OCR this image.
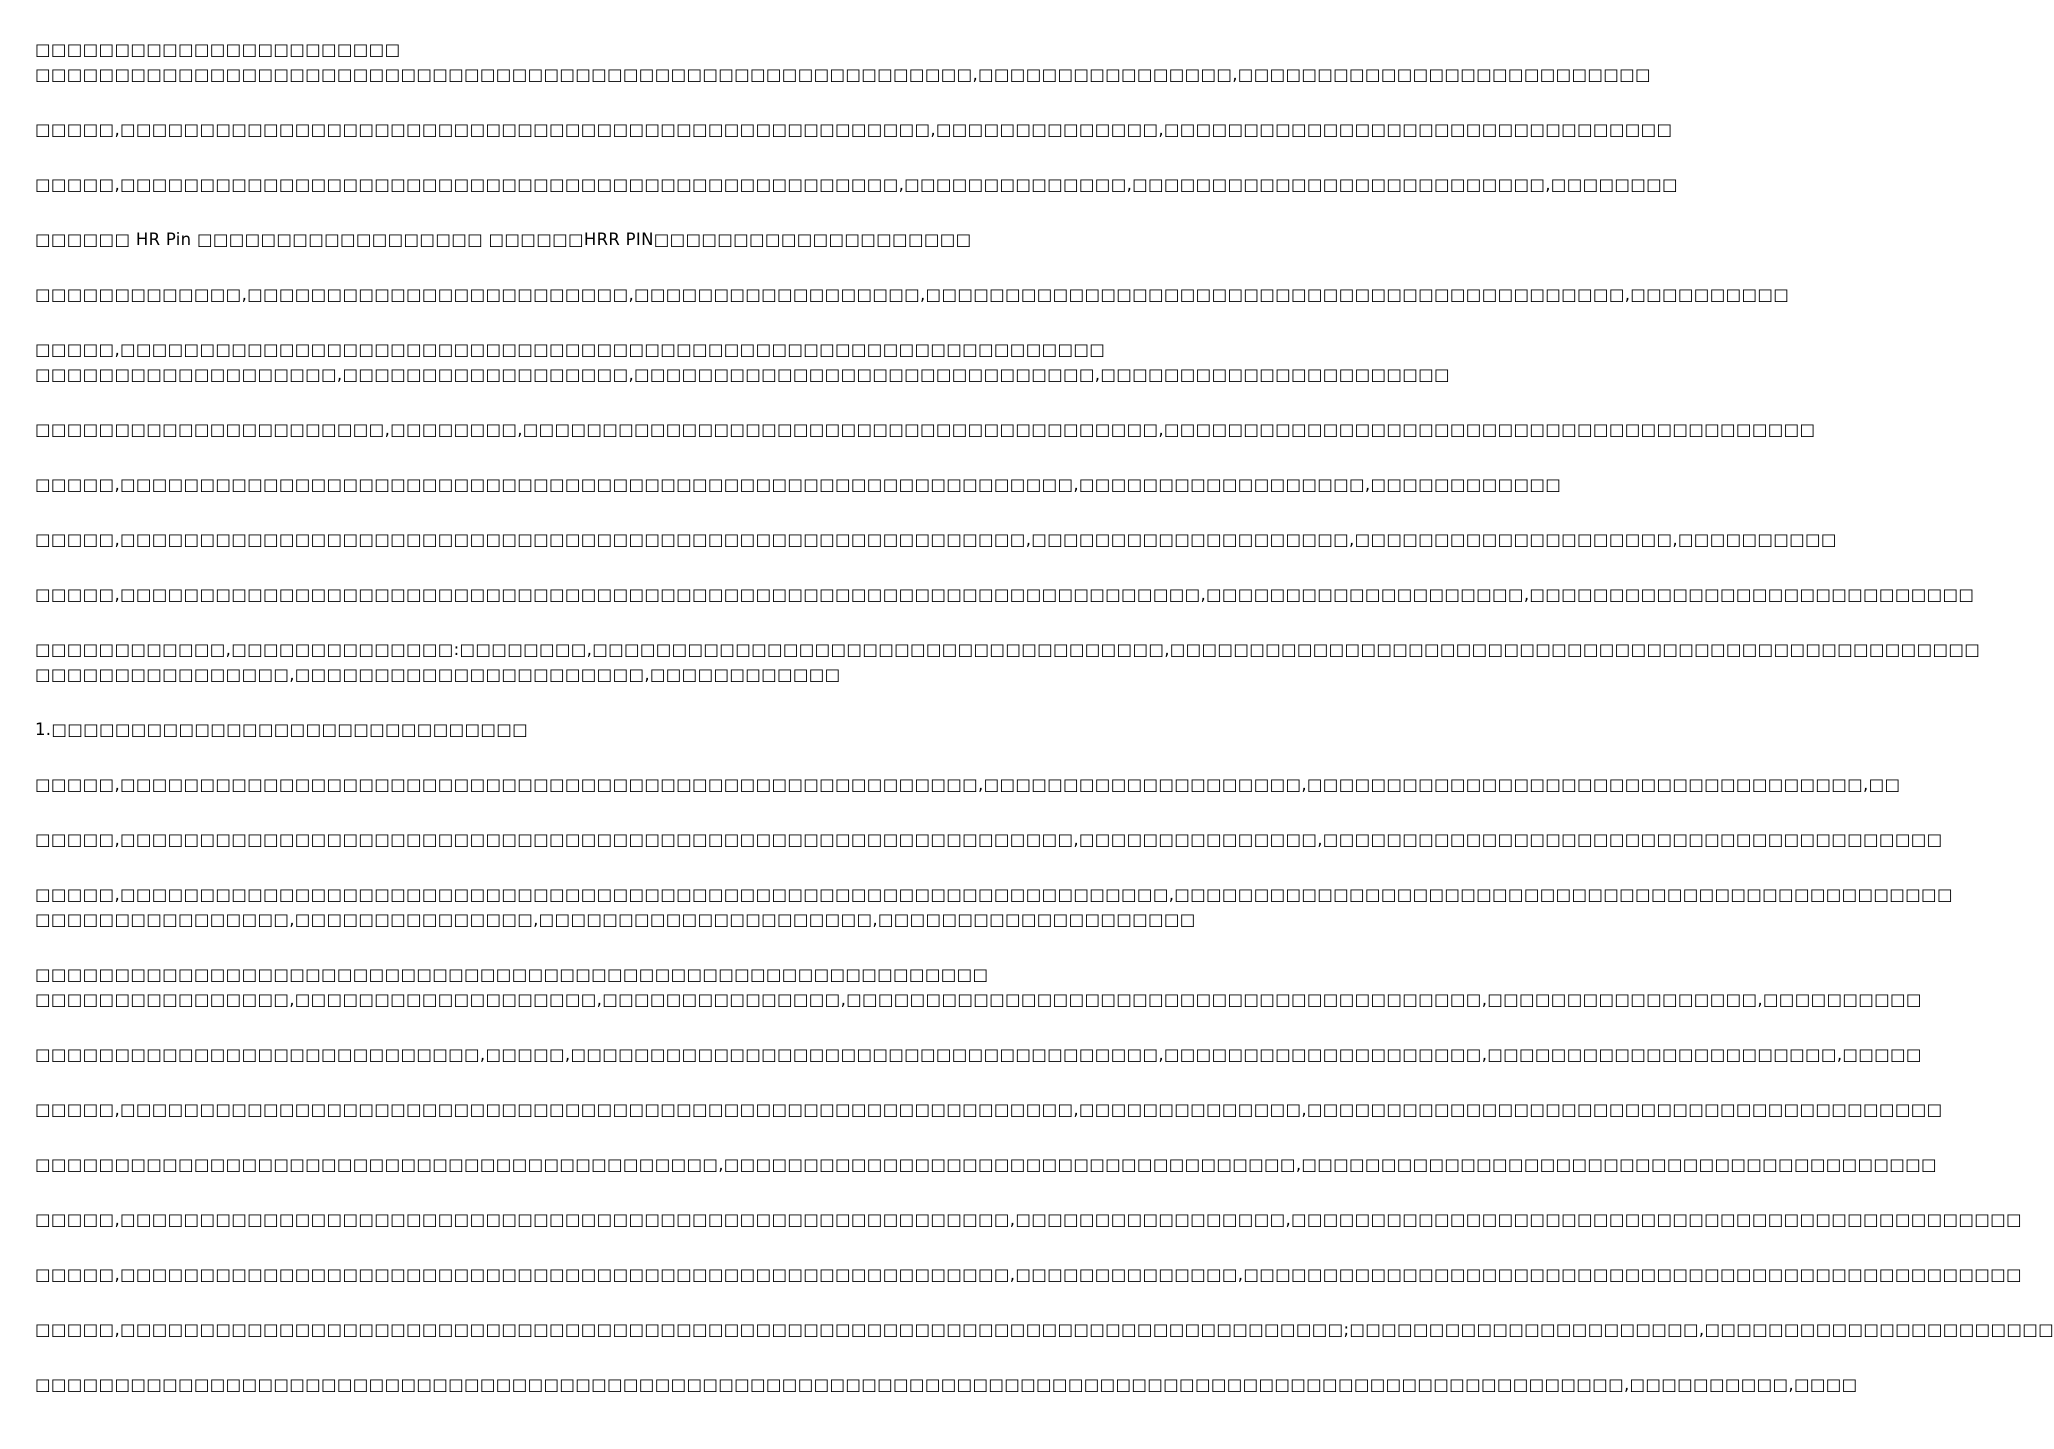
□□□□□□□□□□□□□□□□□□□□□□□
□□□□□□□□□□□□□□□□□□□□□□□□□□□□□□□□□□□□□□□□□□□□□□□□□□□□□□□□□□□,□□□□□□□□□□□□□□□□,□□□□□□□□□□□□□□□□□□□□□□□□□□
□□□□□,□□□□□□□□□□□□□□□□□□□□□□□□□□□□□□□□□□□□□□□□□□□□□□□□□□□,□□□□□□□□□□□□□□,□□□□□□□□□□□□□□□□□□□□□□□□□□□□□□□□
□□□□□,□□□□□□□□□□□□□□□□□□□□□□□□□□□□□□□□□□□□□□□□□□□□□□□□□,□□□□□□□□□□□□□□,□□□□□□□□□□□□□□□□□□□□□□□□□□,□□□□□□□□
□□□□□□ HR Pin □□□□□□□□□□□□□□□□□□ □□□□□□HRR PIN□□□□□□□□□□□□□□□□□□□□
□□□□□□□□□□□□□,□□□□□□□□□□□□□□□□□□□□□□□□,□□□□□□□□□□□□□□□□□□,□□□□□□□□□□□□□□□□□□□□□□□□□□□□□□□□□□□□□□□□□□□□,□□□□□□□□□□
□□□□□,□□□□□□□□□□□□□□□□□□□□□□□□□□□□□□□□□□□□□□□□□□□□□□□□□□□□□□□□□□□□□□
□□□□□□□□□□□□□□□□□□□,□□□□□□□□□□□□□□□□□□,□□□□□□□□□□□□□□□□□□□□□□□□□□□□□,□□□□□□□□□□□□□□□□□□□□□□
□□□□□□□□□□□□□□□□□□□□□□,□□□□□□□□,□□□□□□□□□□□□□□□□□□□□□□□□□□□□□□□□□□□□□□□□,□□□□□□□□□□□□□□□□□□□□□□□□□□□□□□□□□□□□□□□□□
□□□□□,□□□□□□□□□□□□□□□□□□□□□□□□□□□□□□□□□□□□□□□□□□□□□□□□□□□□□□□□□□□□,□□□□□□□□□□□□□□□□□□,□□□□□□□□□□□□
□□□□□,□□□□□□□□□□□□□□□□□□□□□□□□□□□□□□□□□□□□□□□□□□□□□□□□□□□□□□□□□,□□□□□□□□□□□□□□□□□□□□,□□□□□□□□□□□□□□□□□□□□,□□□□□□□□□□
□□□□□,□□□□□□□□□□□□□□□□□□□□□□□□□□□□□□□□□□□□□□□□□□□□□□□□□□□□□□□□□□□□□□□□□□□□,□□□□□□□□□□□□□□□□□□□□,□□□□□□□□□□□□□□□□□□□□□□□□□□□□
□□□□□□□□□□□□,□□□□□□□□□□□□□□:□□□□□□□□,□□□□□□□□□□□□□□□□□□□□□□□□□□□□□□□□□□□□,□□□□□□□□□□□□□□□□□□□□□□□□□□□□□□□□□□□□□□□□□□□□□□□□□□□
□□□□□□□□□□□□□□□□,□□□□□□□□□□□□□□□□□□□□□□,□□□□□□□□□□□□
1.□□□□□□□□□□□□□□□□□□□□□□□□□□□□□□
□□□□□,□□□□□□□□□□□□□□□□□□□□□□□□□□□□□□□□□□□□□□□□□□□□□□□□□□□□□□,□□□□□□□□□□□□□□□□□□□□,□□□□□□□□□□□□□□□□□□□□□□□□□□□□□□□□□□□,□□
□□□□□,□□□□□□□□□□□□□□□□□□□□□□□□□□□□□□□□□□□□□□□□□□□□□□□□□□□□□□□□□□□□,□□□□□□□□□□□□□□□,□□□□□□□□□□□□□□□□□□□□□□□□□□□□□□□□□□□□□□□
□□□□□,□□□□□□□□□□□□□□□□□□□□□□□□□□□□□□□□□□□□□□□□□□□□□□□□□□□□□□□□□□□□□□□□□□,□□□□□□□□□□□□□□□□□□□□□□□□□□□□□□□□□□□□□□□□□□□□□□□□□
□□□□□□□□□□□□□□□□,□□□□□□□□□□□□□□□,□□□□□□□□□□□□□□□□□□□□□,□□□□□□□□□□□□□□□□□□□□
□□□□□□□□□□□□□□□□□□□□□□□□□□□□□□□□□□□□□□□□□□□□□□□□□□□□□□□□□□□□
□□□□□□□□□□□□□□□□,□□□□□□□□□□□□□□□□□□□,□□□□□□□□□□□□□□□,□□□□□□□□□□□□□□□□□□□□□□□□□□□□□□□□□□□□□□□□,□□□□□□□□□□□□□□□□□,□□□□□□□□□□
□□□□□□□□□□□□□□□□□□□□□□□□□□□□,□□□□□,□□□□□□□□□□□□□□□□□□□□□□□□□□□□□□□□□□□□□,□□□□□□□□□□□□□□□□□□□□,□□□□□□□□□□□□□□□□□□□□□□,□□□□□
□□□□□,□□□□□□□□□□□□□□□□□□□□□□□□□□□□□□□□□□□□□□□□□□□□□□□□□□□□□□□□□□□□,□□□□□□□□□□□□□□,□□□□□□□□□□□□□□□□□□□□□□□□□□□□□□□□□□□□□□□□
□□□□□□□□□□□□□□□□□□□□□□□□□□□□□□□□□□□□□□□□□□□,□□□□□□□□□□□□□□□□□□□□□□□□□□□□□□□□□□□□,□□□□□□□□□□□□□□□□□□□□□□□□□□□□□□□□□□□□□□□□
□□□□□,□□□□□□□□□□□□□□□□□□□□□□□□□□□□□□□□□□□□□□□□□□□□□□□□□□□□□□□□,□□□□□□□□□□□□□□□□□,□□□□□□□□□□□□□□□□□□□□□□□□□□□□□□□□□□□□□□□□□□□□□□
□□□□□,□□□□□□□□□□□□□□□□□□□□□□□□□□□□□□□□□□□□□□□□□□□□□□□□□□□□□□□□,□□□□□□□□□□□□□□,□□□□□□□□□□□□□□□□□□□□□□□□□□□□□□□□□□□□□□□□□□□□□□□□□
□□□□□,□□□□□□□□□□□□□□□□□□□□□□□□□□□□□□□□□□□□□□□□□□□□□□□□□□□□□□□□□□□□□□□□□□□□□□□□□□□□□;□□□□□□□□□□□□□□□□□□□□□□,□□□□□□□□□□□□□□□□□□□□□□
□□□□□□□□□□□□□□□□□□□□□□□□□□□□□□□□□□□□□□□□□□□□□□□□□□□□□□□□□□□□□□□□□□□□□□□□□□□□□□□□□□□□□□□□□□□□□□□□□□□□,□□□□□□□□□□,□□□□
